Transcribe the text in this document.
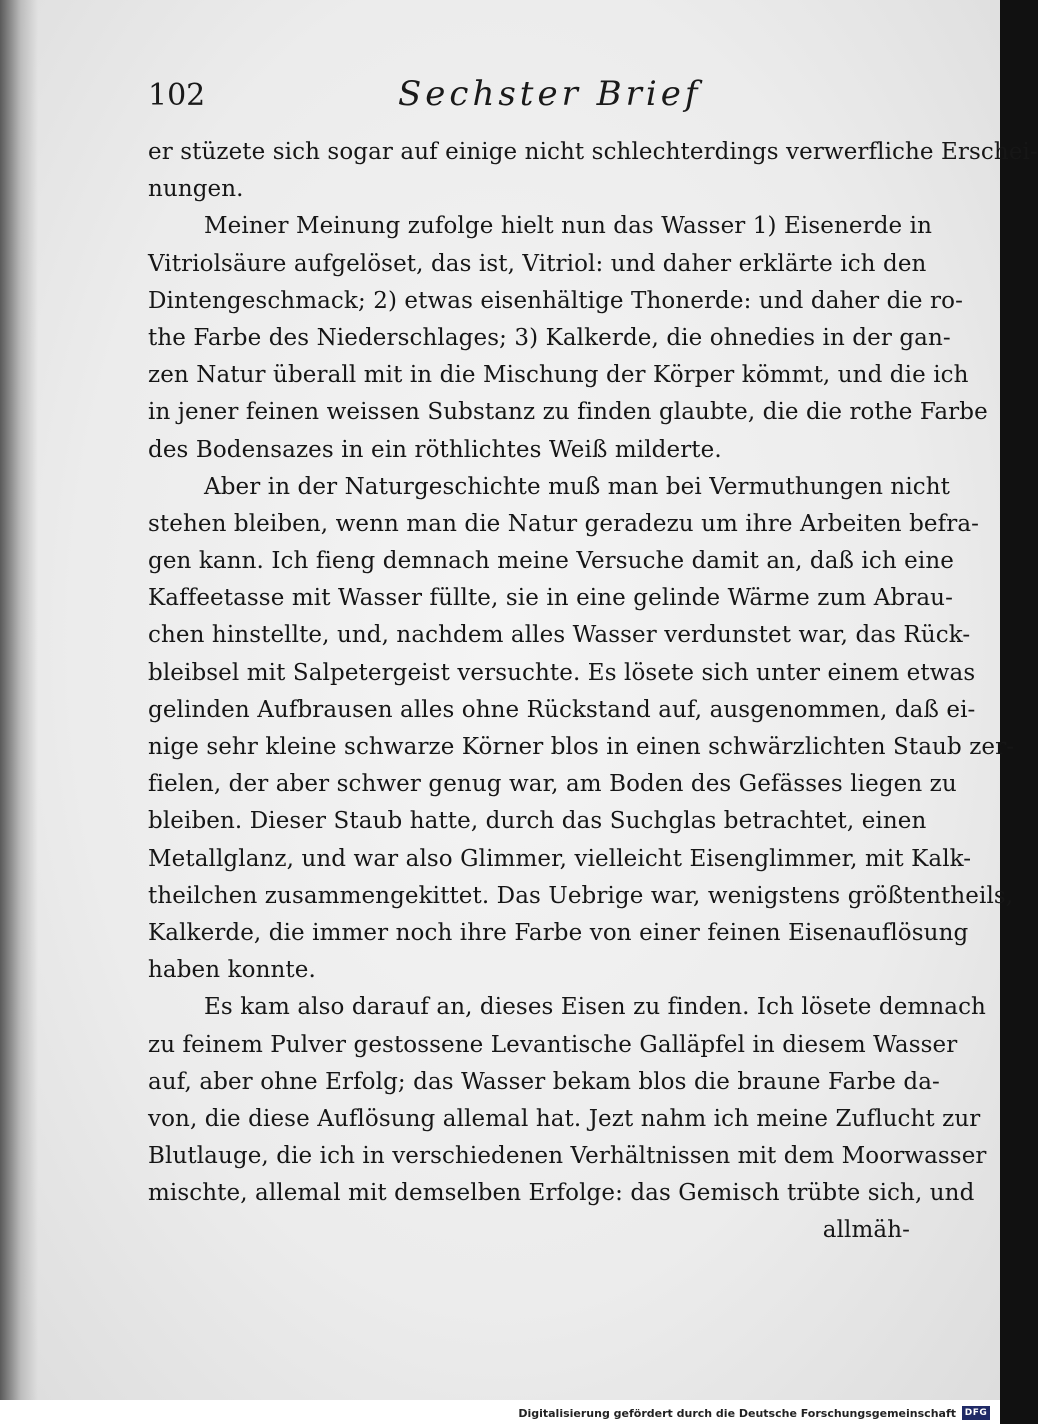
102	Sechster Brief
er stüzete sich sogar auf einige nicht schlechterdings verwerfliche Erschei-
nungen.
Meiner Meinung zufolge hielt nun das Wasser 1) Eisenerde in
Vitriolsäure aufgelöset, das ist, Vitriol: und daher erklärte ich den
Dintengeschmack; 2) etwas eisenhältige Thonerde: und daher die ro-
the Farbe des Niederschlages; 3) Kalkerde, die ohnedies in der gan-
zen Natur überall mit in die Mischung der Körper kömmt, und die ich
in jener feinen weissen Substanz zu finden glaubte, die die rothe Farbe
des Bodensazes in ein röthlichtes Weiß milderte.
Aber in der Naturgeschichte muß man bei Vermuthungen nicht
stehen bleiben, wenn man die Natur geradezu um ihre Arbeiten befra-
gen kann. Ich fieng demnach meine Versuche damit an, daß ich eine
Kaffeetasse mit Wasser füllte, sie in eine gelinde Wärme zum Abrau-
chen hinstellte, und, nachdem alles Wasser verdunstet war, das Rück-
bleibsel mit Salpetergeist versuchte. Es lösete sich unter einem etwas
gelinden Aufbrausen alles ohne Rückstand auf, ausgenommen, daß ei-
nige sehr kleine schwarze Körner blos in einen schwärzlichten Staub zer-
fielen, der aber schwer genug war, am Boden des Gefässes liegen zu
bleiben. Dieser Staub hatte, durch das Suchglas betrachtet, einen
Metallglanz, und war also Glimmer, vielleicht Eisenglimmer, mit Kalk-
theilchen zusammengekittet. Das Uebrige war, wenigstens größtentheils,
Kalkerde, die immer noch ihre Farbe von einer feinen Eisenauflösung
haben konnte.
Es kam also darauf an, dieses Eisen zu finden. Ich lösete demnach
zu feinem Pulver gestossene Levantische Galläpfel in diesem Wasser
auf, aber ohne Erfolg; das Wasser bekam blos die braune Farbe da-
von, die diese Auflösung allemal hat. Jezt nahm ich meine Zuflucht zur
Blutlauge, die ich in verschiedenen Verhältnissen mit dem Moorwasser
mischte, allemal mit demselben Erfolge: das Gemisch trübte sich, und
allmäh-
Digitalisierung gefördert durch die Deutsche Forschungsgemeinschaft DFG
